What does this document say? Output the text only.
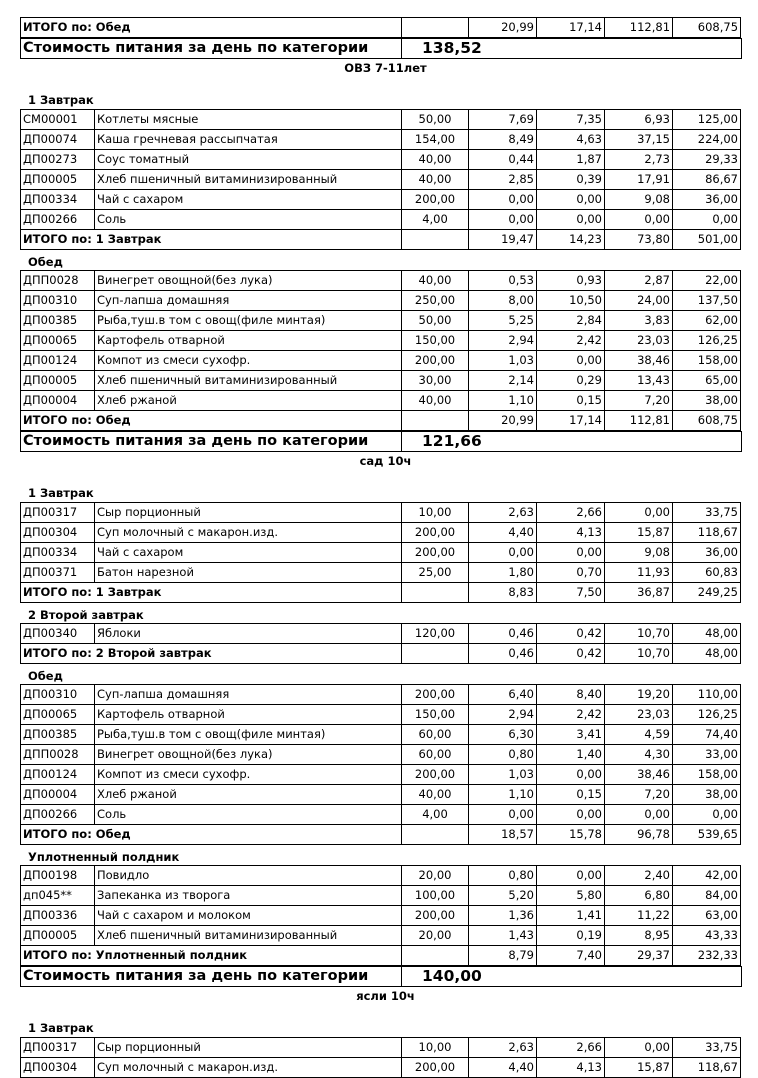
ИТОГО по: Обед		20,99	17,14	112,81	608,75
Стоимость питания за день по категории	138,52
ОВЗ 7-11лет
1 Завтрак
СМ00001	Котлеты мясные	50,00	7,69	7,35	6,93	125,00
ДП00074	Каша гречневая рассыпчатая	154,00	8,49	4,63	37,15	224,00
ДП00273	Соус томатный	40,00	0,44	1,87	2,73	29,33
ДП00005	Хлеб пшеничный витаминизированный	40,00	2,85	0,39	17,91	86,67
ДП00334	Чай с сахаром	200,00	0,00	0,00	9,08	36,00
ДП00266	Соль	4,00	0,00	0,00	0,00	0,00
ИТОГО по: 1 Завтрак			19,47	14,23	73,80	501,00
Обед
ДПП0028	Винегрет овощной(без лука)	40,00	0,53	0,93	2,87	22,00
ДП00310	Суп-лапша домашняя	250,00	8,00	10,50	24,00	137,50
ДП00385	Рыба,туш.в том с овощ(филе минтая)	50,00	5,25	2,84	3,83	62,00
ДП00065	Картофель отварной	150,00	2,94	2,42	23,03	126,25
ДП00124	Компот из смеси сухофр.	200,00	1,03	0,00	38,46	158,00
ДП00005	Хлеб пшеничный витаминизированный	30,00	2,14	0,29	13,43	65,00
ДП00004	Хлеб ржаной	40,00	1,10	0,15	7,20	38,00
ИТОГО по: Обед			20,99	17,14	112,81	608,75
Стоимость питания за день по категории	121,66
сад 10ч
1 Завтрак
ДП00317	Сыр порционный	10,00	2,63	2,66	0,00	33,75
ДП00304	Суп молочный с макарон.изд.	200,00	4,40	4,13	15,87	118,67
ДП00334	Чай с сахаром	200,00	0,00	0,00	9,08	36,00
ДП00371	Батон нарезной	25,00	1,80	0,70	11,93	60,83
ИТОГО по: 1 Завтрак			8,83	7,50	36,87	249,25
2 Второй завтрак
ДП00340	Яблоки	120,00	0,46	0,42	10,70	48,00
ИТОГО по: 2 Второй завтрак			0,46	0,42	10,70	48,00
Обед
ДП00310	Суп-лапша домашняя	200,00	6,40	8,40	19,20	110,00
ДП00065	Картофель отварной	150,00	2,94	2,42	23,03	126,25
ДП00385	Рыба,туш.в том с овощ(филе минтая)	60,00	6,30	3,41	4,59	74,40
ДПП0028	Винегрет овощной(без лука)	60,00	0,80	1,40	4,30	33,00
ДП00124	Компот из смеси сухофр.	200,00	1,03	0,00	38,46	158,00
ДП00004	Хлеб ржаной	40,00	1,10	0,15	7,20	38,00
ДП00266	Соль	4,00	0,00	0,00	0,00	0,00
ИТОГО по: Обед			18,57	15,78	96,78	539,65
Уплотненный полдник
ДП00198	Повидло	20,00	0,80	0,00	2,40	42,00
дп045**	Запеканка из творога	100,00	5,20	5,80	6,80	84,00
ДП00336	Чай с сахаром и молоком	200,00	1,36	1,41	11,22	63,00
ДП00005	Хлеб пшеничный витаминизированный	20,00	1,43	0,19	8,95	43,33
ИТОГО по: Уплотненный полдник			8,79	7,40	29,37	232,33
Стоимость питания за день по категории	140,00
ясли 10ч
1 Завтрак
ДП00317	Сыр порционный	10,00	2,63	2,66	0,00	33,75
ДП00304	Суп молочный с макарон.изд.	200,00	4,40	4,13	15,87	118,67
